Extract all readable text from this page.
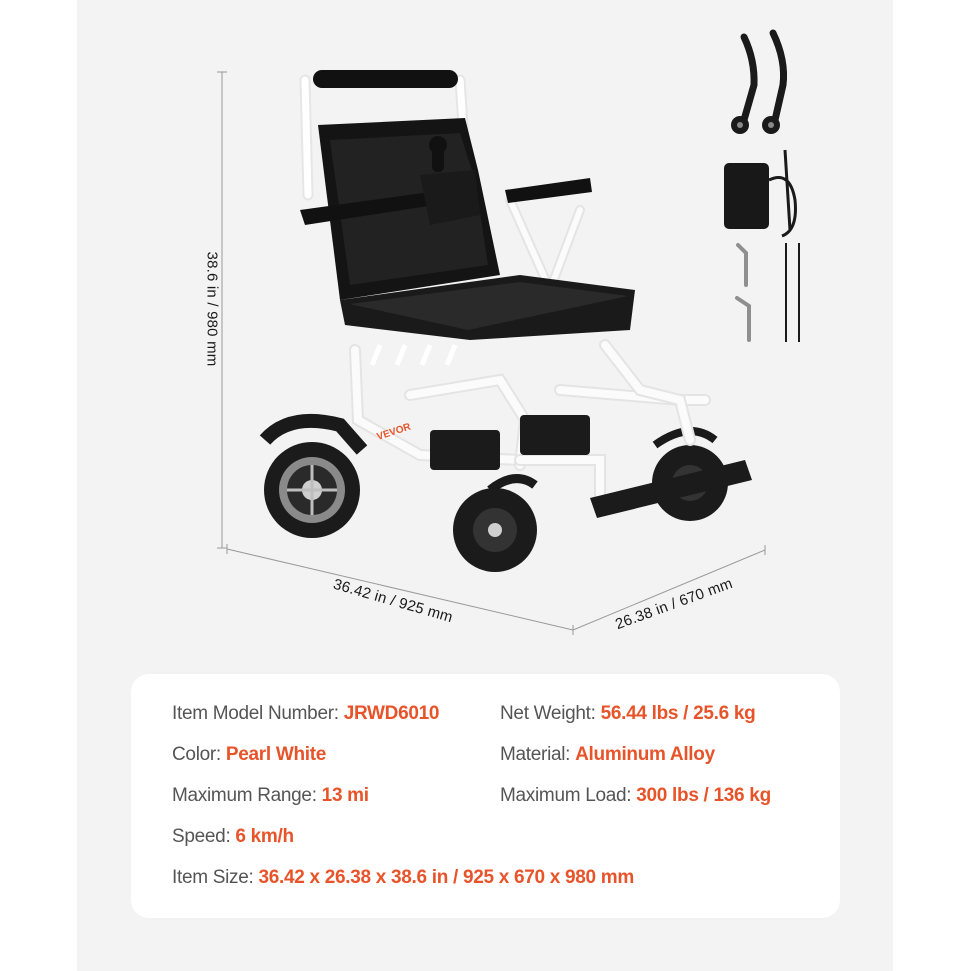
VEVOR
38.6 in / 980 mm
36.42 in / 925 mm	26.38 in / 670 mm
Item Model Number: JRWD6010	Net Weight: 56.44 lbs / 25.6 kg
Color: Pearl White	Material: Aluminum Alloy
Maximum Range: 13 mi	Maximum Load: 300 lbs / 136 kg
Speed: 6 km/h
Item Size: 36.42 x 26.38 x 38.6 in / 925 x 670 x 980 mm
